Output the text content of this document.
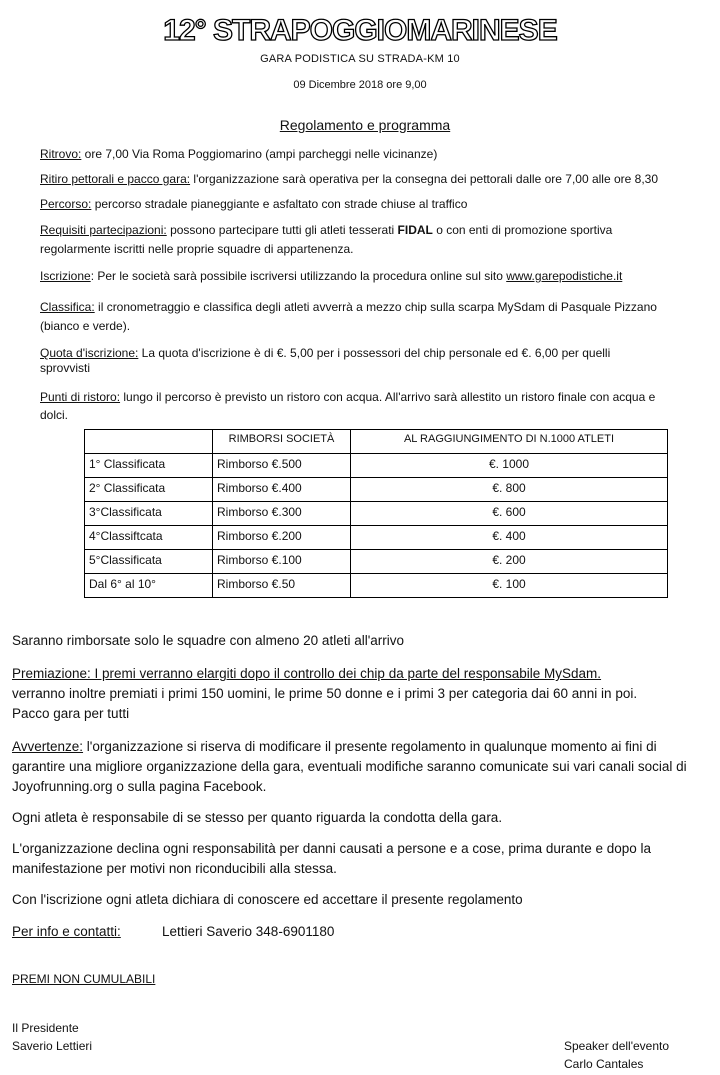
12° STRAPOGGIOMARINESE
GARA PODISTICA SU STRADA-KM 10
09 Dicembre 2018 ore 9,00
Regolamento e programma
Ritrovo: ore 7,00 Via Roma Poggiomarino (ampi parcheggi nelle vicinanze)
Ritiro pettorali e pacco gara: l'organizzazione sarà operativa per la consegna dei pettorali dalle ore 7,00 alle ore 8,30
Percorso: percorso stradale pianeggiante e asfaltato con strade chiuse al traffico
Requisiti partecipazioni: possono partecipare tutti gli atleti tesserati FIDAL o con enti di promozione sportiva
regolarmente iscritti nelle proprie squadre di appartenenza.
Iscrizione: Per le società sarà possibile iscriversi utilizzando la procedura online sul sito www.garepodistiche.it
Classifica: il cronometraggio e classifica degli atleti avverrà a mezzo chip sulla scarpa MySdam di Pasquale Pizzano
(bianco e verde).
Quota d'iscrizione: La quota d'iscrizione è di €. 5,00 per i possessori del chip personale ed €. 6,00 per quelli
sprovvisti
Punti di ristoro: lungo il percorso è previsto un ristoro con acqua. All'arrivo sarà allestito un ristoro finale con acqua e
dolci.
	RIMBORSI SOCIETÀ	AL RAGGIUNGIMENTO DI N.1000 ATLETI
1° Classificata	Rimborso €.500	€. 1000
2° Classificata	Rimborso €.400	€. 800
3°Classificata	Rimborso €.300	€. 600
4°Classiftcata	Rimborso €.200	€. 400
5°Classificata	Rimborso €.100	€. 200
Dal 6° al 10°	Rimborso €.50	€. 100
Saranno rimborsate solo le squadre con almeno 20 atleti all'arrivo
Premiazione: I premi verranno elargiti dopo il controllo dei chip da parte del responsabile MySdam.
verranno inoltre premiati i primi 150 uomini, le prime 50 donne e i primi 3 per categoria dai 60 anni in poi.
Pacco gara per tutti
Avvertenze: l'organizzazione si riserva di modificare il presente regolamento in qualunque momento ai fini di
garantire una migliore organizzazione della gara, eventuali modifiche saranno comunicate sui vari canali social di
Joyofrunning.org o sulla pagina Facebook.
Ogni atleta è responsabile di se stesso per quanto riguarda la condotta della gara.
L'organizzazione declina ogni responsabilità per danni causati a persone e a cose, prima durante e dopo la
manifestazione per motivi non riconducibili alla stessa.
Con l'iscrizione ogni atleta dichiara di conoscere ed accettare il presente regolamento
Per info e contatti:	Lettieri Saverio 348-6901180
PREMI NON CUMULABILI
Il Presidente
Saverio Lettieri	Speaker dell'evento
Carlo Cantales
